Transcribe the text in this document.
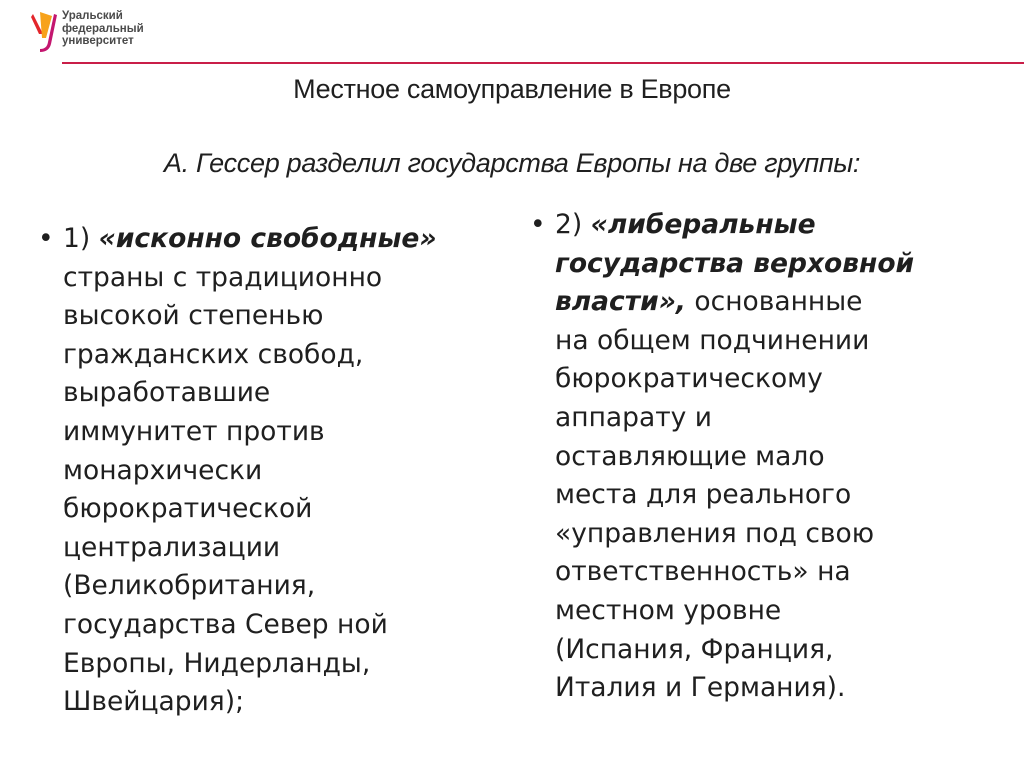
Уральский
федеральный
университет
Местное самоуправление в Европе
А. Гессер разделил государства Европы на две группы:
• 1) «исконно свободные»
страны с традиционно
высокой степенью
гражданских свобод,
выработавшие
иммунитет против
монархически
бюрократической
централизации
(Великобритания,
государства Север ной
Европы, Нидерланды,
Швейцария);
• 2) «либеральные
государства верховной
власти», основанные
на общем подчинении
бюрократическому
аппарату и
оставляющие мало
места для реального
«управления под свою
ответственность» на
местном уровне
(Испания, Франция,
Италия и Германия).
